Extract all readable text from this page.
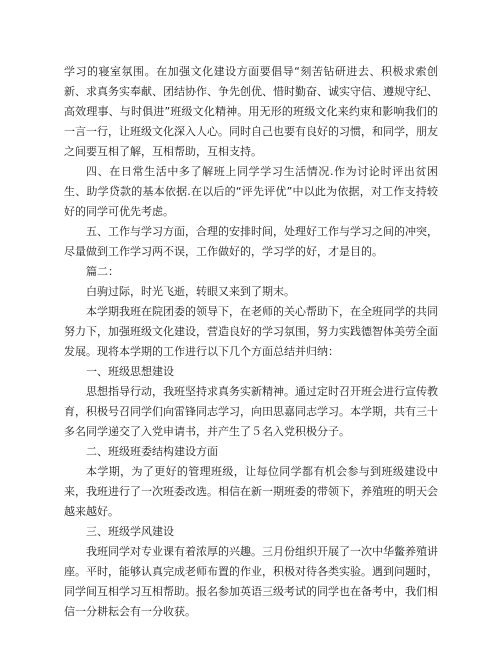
学习的寝室氛围。在加强文化建设方面要倡导“刻苦钻研进去、积极求索创新、求真务实奉献、团结协作、争先创优、惜时勤奋、诚实守信、遵规守纪、高效理事、与时俱进”班级文化精神。用无形的班级文化来约束和影响我们的一言一行，让班级文化深入人心。同时自己也要有良好的习惯，和同学，朋友之间要互相了解，互相帮助，互相支持。

四、在日常生活中多了解班上同学学习生活情况.作为讨论时评出贫困生、助学贷款的基本依据.在以后的“评先评优”中以此为依据，对工作支持较好的同学可优先考虑。

五、工作与学习方面，合理的安排时间，处理好工作与学习之间的冲突，尽量做到工作学习两不误，工作做好的，学习学的好，才是目的。

篇二：

白驹过际，时光飞逝，转眼又来到了期末。

本学期我班在院团委的领导下，在老师的关心帮助下，在全班同学的共同努力下，加强班级文化建设，营造良好的学习氛围，努力实践德智体美劳全面发展。现将本学期的工作进行以下几个方面总结并归纳：

一、班级思想建设

思想指导行动，我班坚持求真务实新精神。通过定时召开班会进行宣传教育，积极号召同学们向雷锋同志学习，向田思嘉同志学习。本学期，共有三十多名同学递交了入党申请书，并产生了５名入党积极分子。

二、班级班委结构建设方面

本学期，为了更好的管理班级，让每位同学都有机会参与到班级建设中来，我班进行了一次班委改选。相信在新一期班委的带领下，养殖班的明天会越来越好。

三、班级学风建设

我班同学对专业课有着浓厚的兴趣。三月份组织开展了一次中华鳖养殖讲座。平时，能够认真完成老师布置的作业，积极对待各类实验。遇到问题时，同学间互相学习互相帮助。报名参加英语三级考试的同学也在备考中，我们相信一分耕耘会有一分收获。
